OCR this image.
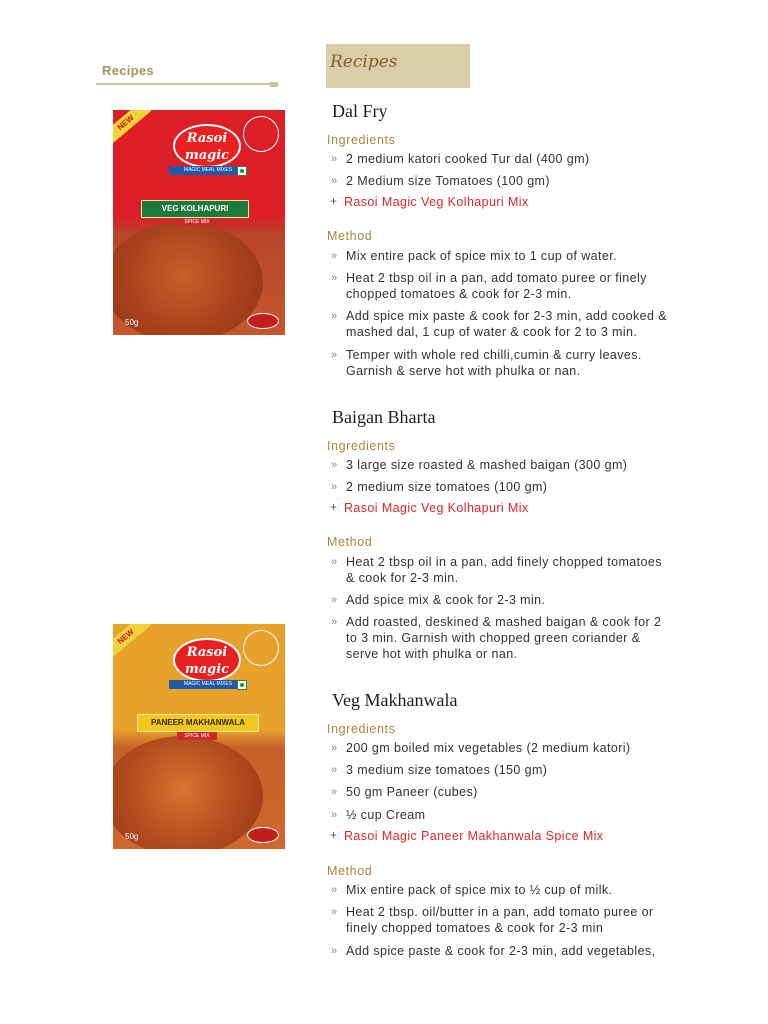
Recipes
NEW
Rasoi magic
MAGIC MEAL MIXES
VEG KOLHAPURI
SPICE MIX
50g
NEW
Rasoi magic
MAGIC MEAL MIXES
PANEER MAKHANWALA
SPICE MIX
50g
Recipes
Dal Fry
Ingredients
» 2 medium katori cooked Tur dal (400 gm)
» 2 Medium size Tomatoes (100 gm)
+ Rasoi Magic Veg Kolhapuri Mix
Method
» Mix entire pack of spice mix to 1 cup of water.
» Heat 2 tbsp oil in a pan, add tomato puree or finely
chopped tomatoes & cook for 2-3 min.
» Add spice mix paste & cook for 2-3 min, add cooked &
mashed dal, 1 cup of water & cook for 2 to 3 min.
» Temper with whole red chilli,cumin & curry leaves.
Garnish & serve hot with phulka or nan.
Baigan Bharta
Ingredients
» 3 large size roasted & mashed baigan (300 gm)
» 2 medium size tomatoes (100 gm)
+ Rasoi Magic Veg Kolhapuri Mix
Method
» Heat 2 tbsp oil in a pan, add finely chopped tomatoes
& cook for 2-3 min.
» Add spice mix & cook for 2-3 min.
» Add roasted, deskined & mashed baigan & cook for 2
to 3 min. Garnish with chopped green coriander &
serve hot with phulka or nan.
Veg Makhanwala
Ingredients
» 200 gm boiled mix vegetables (2 medium katori)
» 3 medium size tomatoes (150 gm)
» 50 gm Paneer (cubes)
» ½ cup Cream
+ Rasoi Magic Paneer Makhanwala Spice Mix
Method
» Mix entire pack of spice mix to ½ cup of milk.
» Heat 2 tbsp. oil/butter in a pan, add tomato puree or
finely chopped tomatoes & cook for 2-3 min
» Add spice paste & cook for 2-3 min, add vegetables,
